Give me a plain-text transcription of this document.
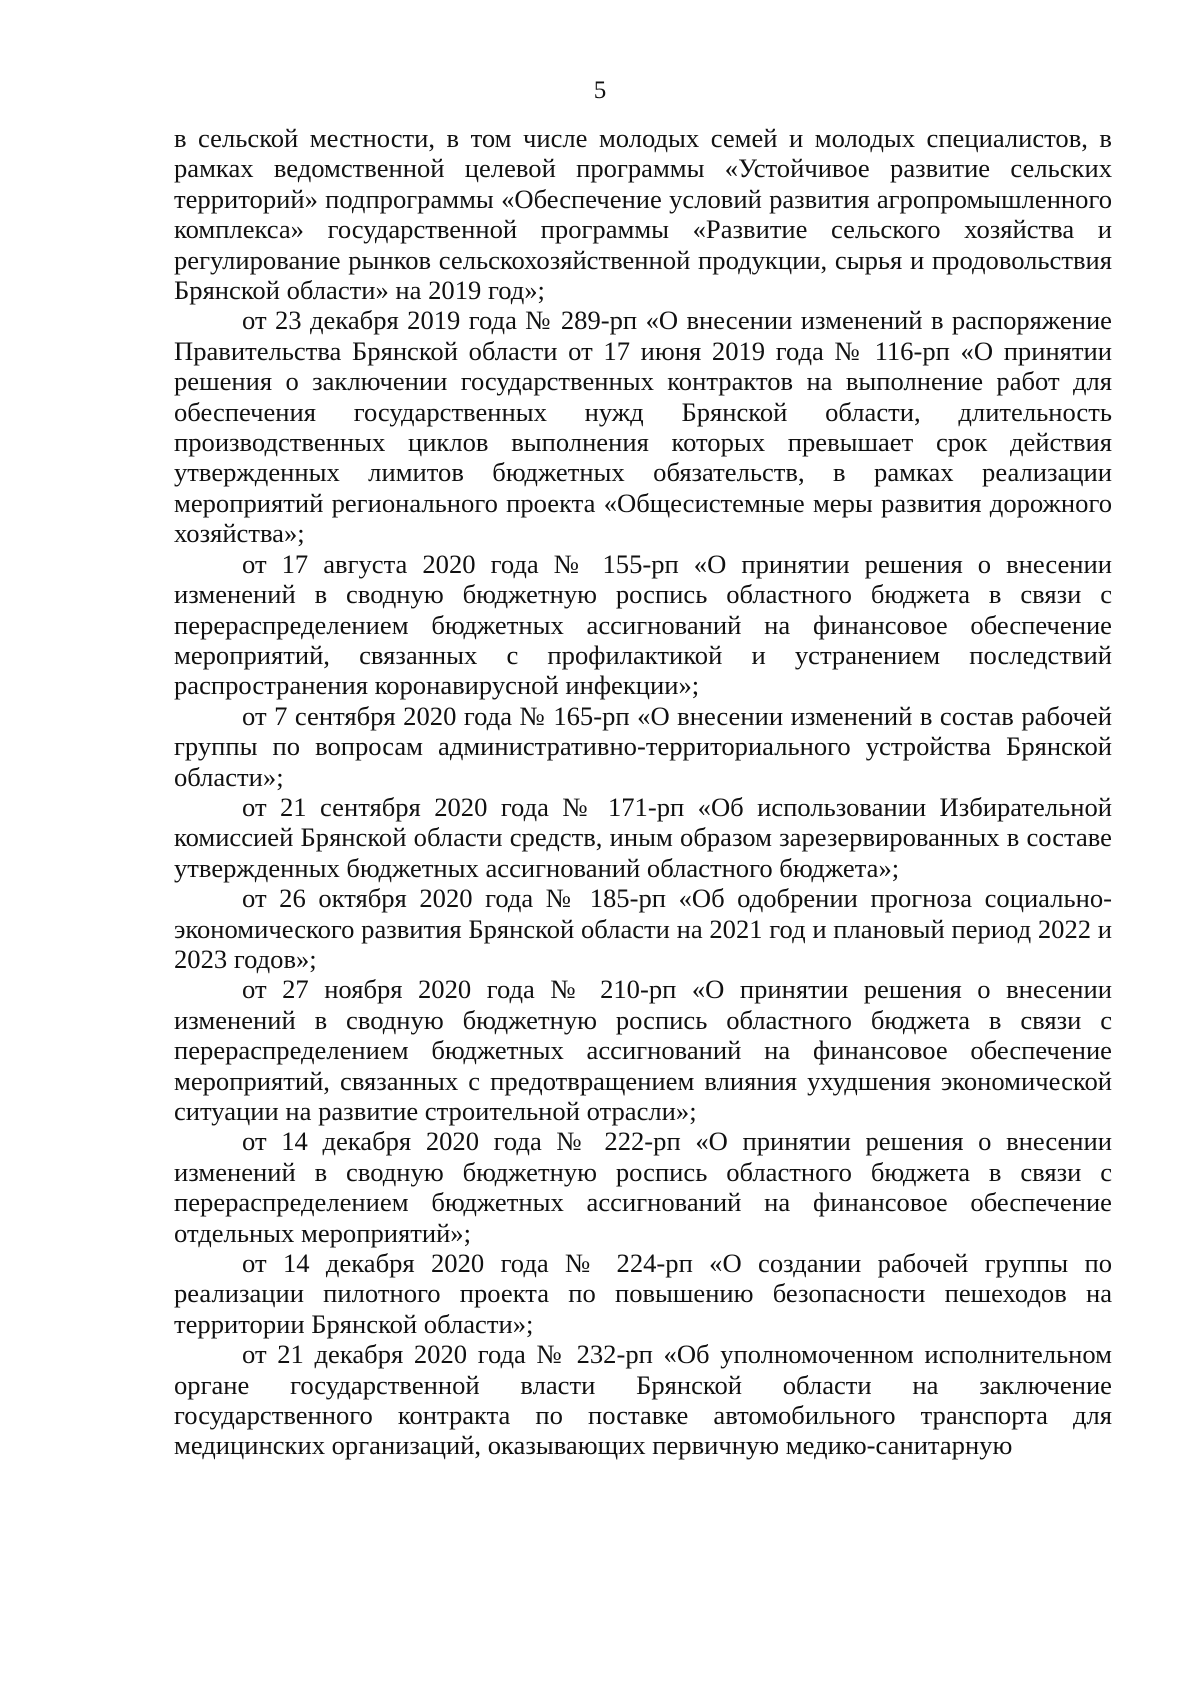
5

в сельской местности, в том числе молодых семей и молодых специалистов, в рамках ведомственной целевой программы «Устойчивое развитие сельских территорий» подпрограммы «Обеспечение условий развития агропромышленного комплекса» государственной программы «Развитие сельского хозяйства и регулирование рынков сельскохозяйственной продукции, сырья и продовольствия Брянской области» на 2019 год»;

от 23 декабря 2019 года № 289-рп «О внесении изменений в распоряжение Правительства Брянской области от 17 июня 2019 года № 116-рп «О принятии решения о заключении государственных контрактов на выполнение работ для обеспечения государственных нужд Брянской области, длительность производственных циклов выполнения которых превышает срок действия утвержденных лимитов бюджетных обязательств, в рамках реализации мероприятий регионального проекта «Общесистемные меры развития дорожного хозяйства»;

от 17 августа 2020 года № 155-рп «О принятии решения о внесении изменений в сводную бюджетную роспись областного бюджета в связи с перераспределением бюджетных ассигнований на финансовое обеспечение мероприятий, связанных с профилактикой и устранением последствий распространения коронавирусной инфекции»;

от 7 сентября 2020 года № 165-рп «О внесении изменений в состав рабочей группы по вопросам административно-территориального устройства Брянской области»;

от 21 сентября 2020 года № 171-рп «Об использовании Избирательной комиссией Брянской области средств, иным образом зарезервированных в составе утвержденных бюджетных ассигнований областного бюджета»;

от 26 октября 2020 года № 185-рп «Об одобрении прогноза социально-экономического развития Брянской области на 2021 год и плановый период 2022 и 2023 годов»;

от 27 ноября 2020 года № 210-рп «О принятии решения о внесении изменений в сводную бюджетную роспись областного бюджета в связи с перераспределением бюджетных ассигнований на финансовое обеспечение мероприятий, связанных с предотвращением влияния ухудшения экономической ситуации на развитие строительной отрасли»;

от 14 декабря 2020 года № 222-рп «О принятии решения о внесении изменений в сводную бюджетную роспись областного бюджета в связи с перераспределением бюджетных ассигнований на финансовое обеспечение отдельных мероприятий»;

от 14 декабря 2020 года № 224-рп «О создании рабочей группы по реализации пилотного проекта по повышению безопасности пешеходов на территории Брянской области»;

от 21 декабря 2020 года № 232-рп «Об уполномоченном исполнительном органе государственной власти Брянской области на заключение государственного контракта по поставке автомобильного транспорта для медицинских организаций, оказывающих первичную медико-санитарную
